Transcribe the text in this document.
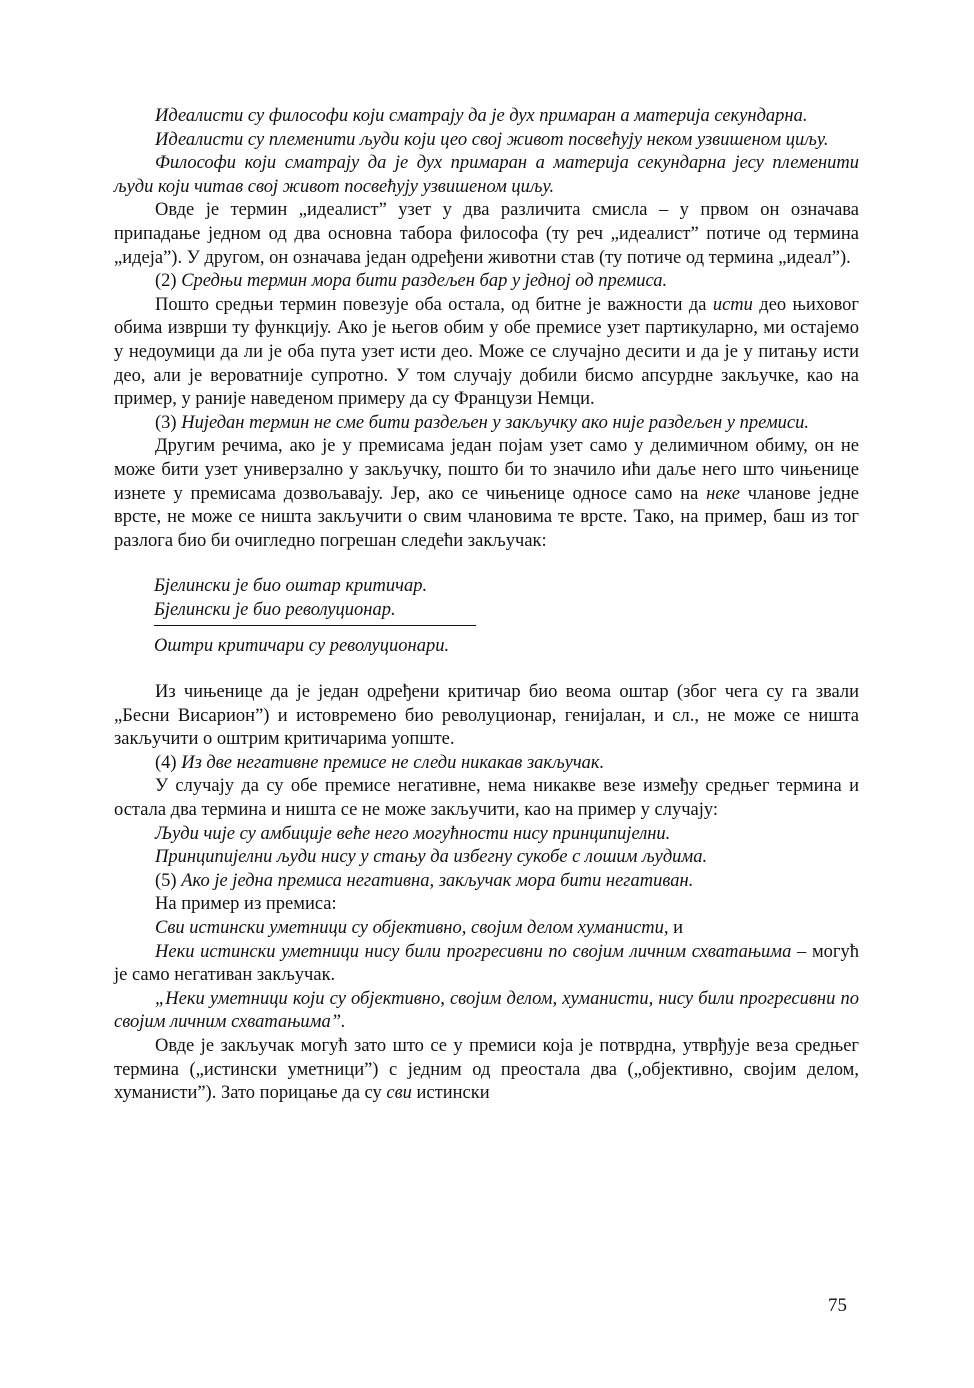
Идеалисти су философи који сматрају да је дух примаран а материја секундарна.

Идеалисти су племенити људи који цео свој живот посвећују неком узвишеном циљу.

Философи који сматрају да је дух примаран а материја секундарна јесу племенити људи који читав свој живот посвећују узвишеном циљу.

Овде је термин „идеалист” узет у два различита смисла – у првом он означава припадање једном од два основна табора философа (ту реч „идеалист” потиче од термина „идеја”). У другом, он означава један одређени животни став (ту потиче од термина „идеал”).

(2) Средњи термин мора бити раздељен бар у једној од премиса.

Пошто средњи термин повезује оба остала, од битне је важности да исти део њиховог обима изврши ту функцију. Ако је његов обим у обе премисе узет партикуларно, ми остајемо у недоумици да ли је оба пута узет исти део. Може се случајно десити и да је у питању исти део, али је вероватније супротно. У том случају добили бисмо апсурдне закључке, као на пример, у раније наведеном примеру да су Французи Немци.

(3) Ниједан термин не сме бити раздељен у закључку ако није раздељен у премиси.

Другим речима, ако је у премисама један појам узет само у делимичном обиму, он не може бити узет универзално у закључку, пошто би то значило ићи даље него што чињенице изнете у премисама дозвољавају. Јер, ако се чињенице односе само на неке чланове једне врсте, не може се ништа закључити о свим члановима те врсте. Тако, на пример, баш из тог разлога био би очигледно погрешан следећи закључак:

Бјелински је био оштар критичар.

Бјелински је био револуционар.

Оштри критичари су револуционари.

Из чињенице да је један одређени критичар био веома оштар (због чега су га звали „Бесни Висарион”) и истовремено био револуционар, генијалан, и сл., не може се ништа закључити о оштрим критичарима уопште.

(4) Из две негативне премисе не следи никакав закључак.

У случају да су обе премисе негативне, нема никакве везе између средњег термина и остала два термина и ништа се не може закључити, као на пример у случају:

Људи чије су амбиције веће него могућности нису принципијелни.

Принципијелни људи нису у стању да избегну сукобе с лошим људима.

(5) Ако је једна премиса негативна, закључак мора бити негативан.

На пример из премиса:

Сви истински уметници су објективно, својим делом хуманисти, и

Неки истински уметници нису били прогресивни по својим личним схватањима – могућ је само негативан закључак.

„Неки уметници који су објективно, својим делом, хуманисти, нису били прогресивни по својим личним схватањима”.

Овде је закључак могућ зато што се у премиси која је потврдна, утврђује веза средњег термина („истински уметници”) с једним од преостала два („објективно, својим делом, хуманисти”). Зато порицање да су сви истински

75
